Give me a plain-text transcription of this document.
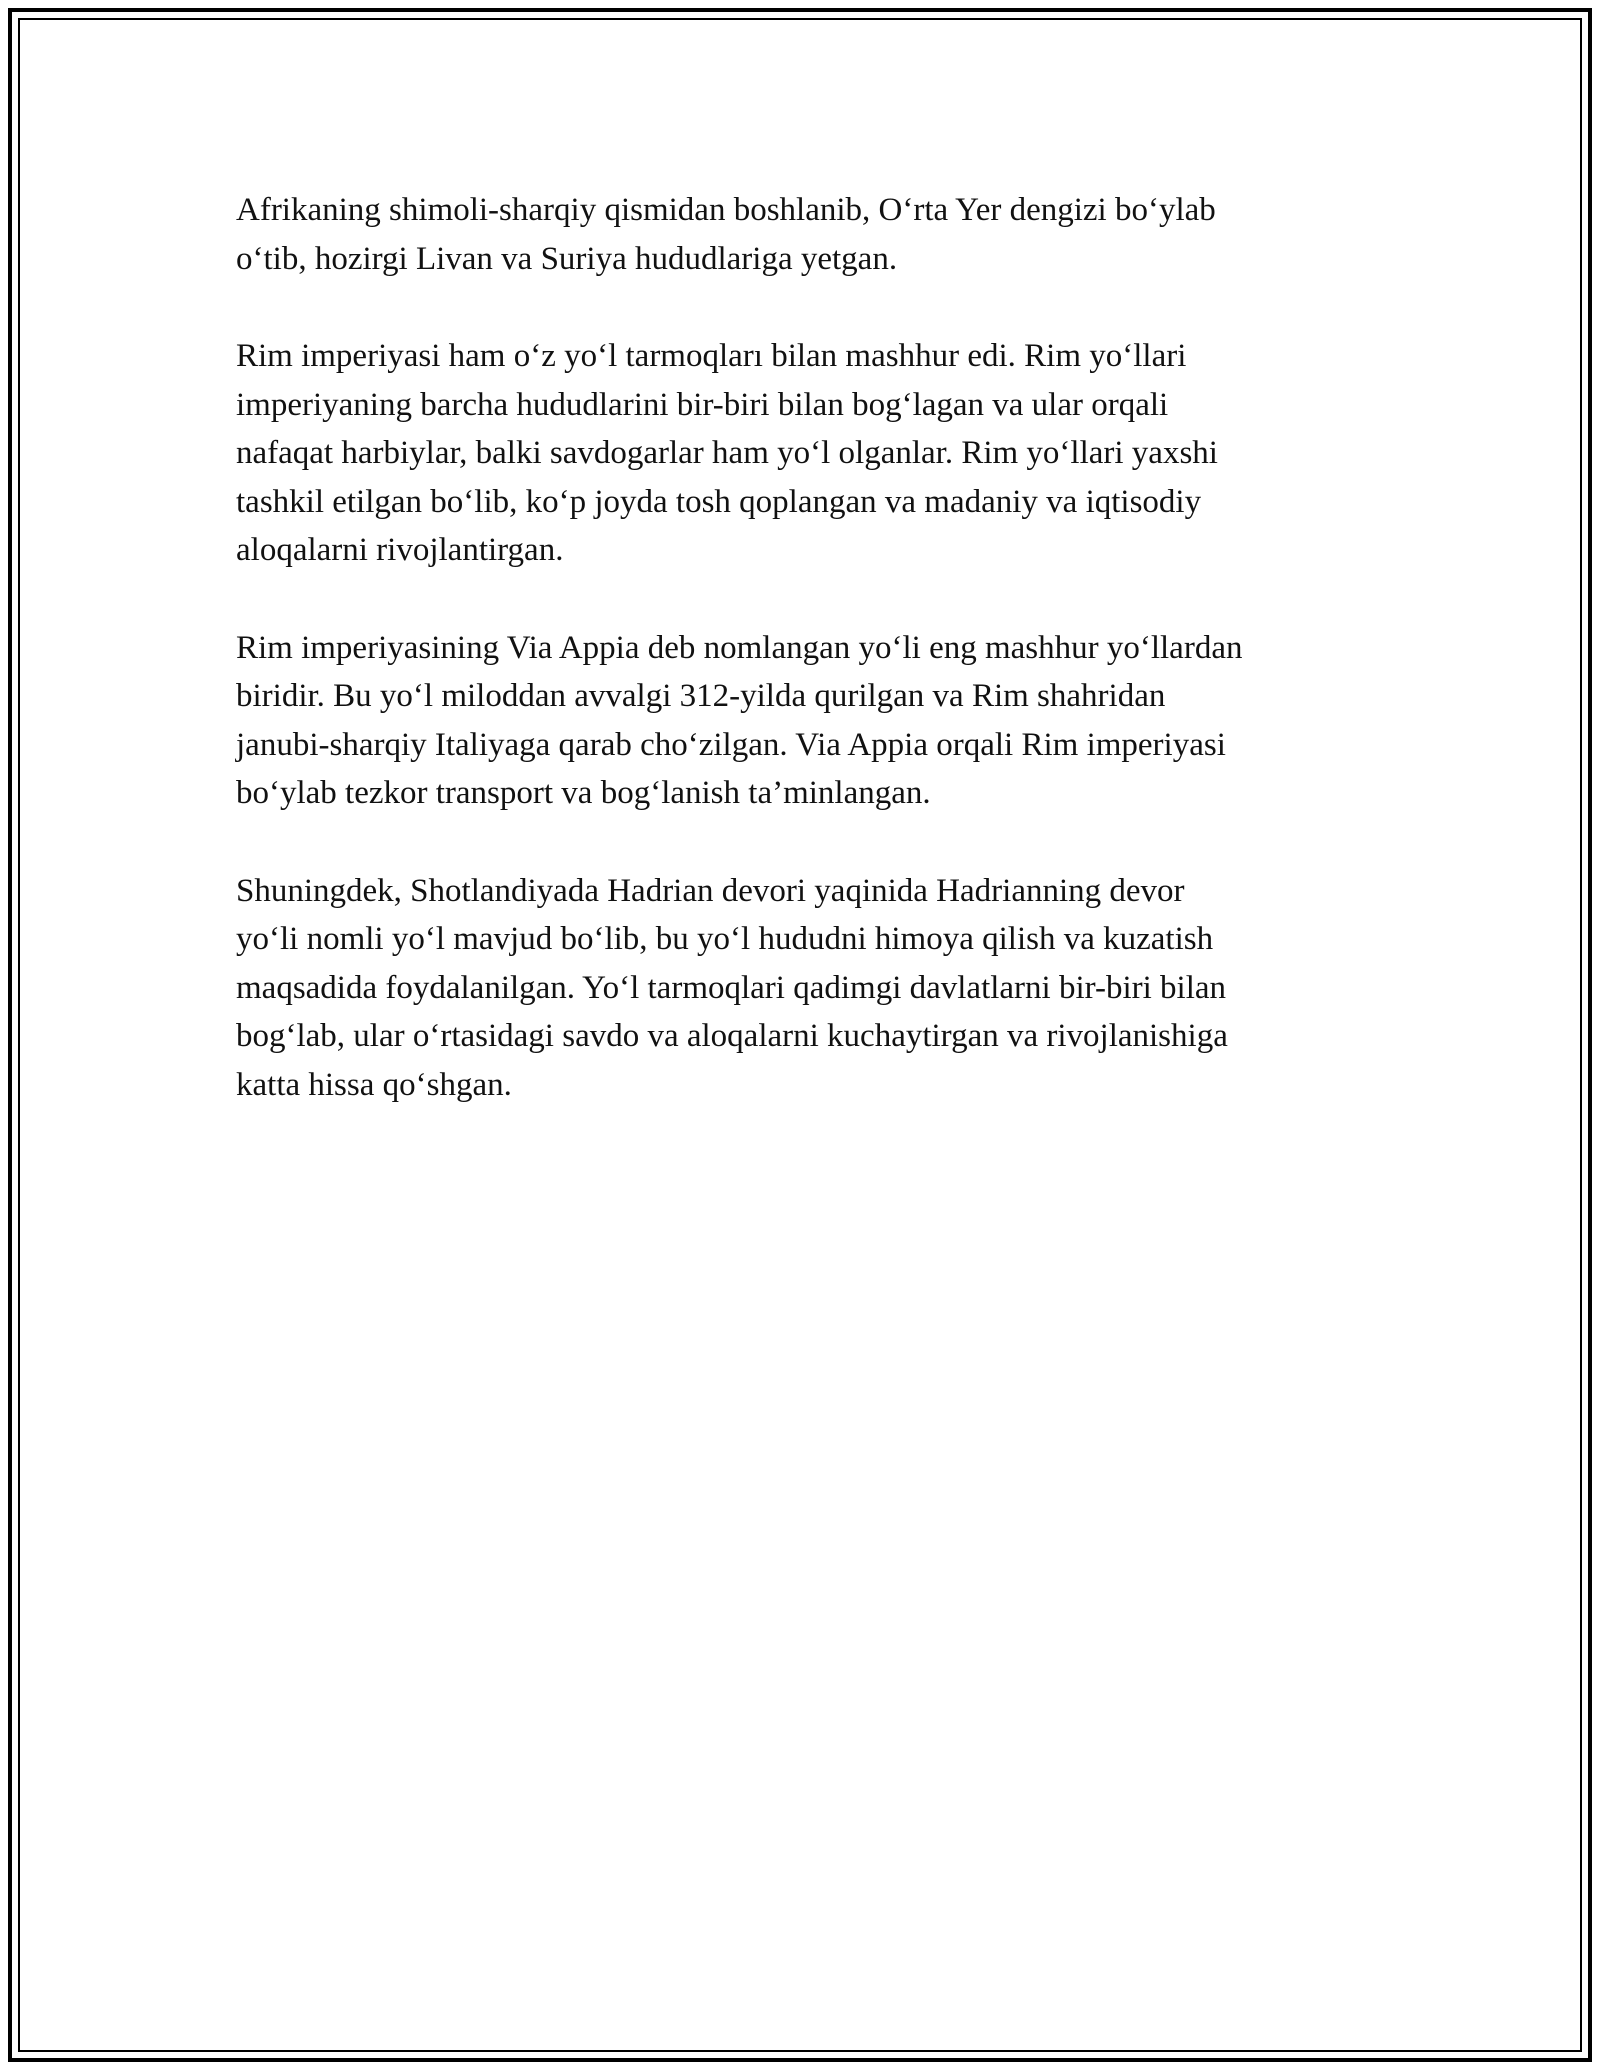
Afrikaning shimoli-sharqiy qismidan boshlanib, O‘rta Yer dengizi bo‘ylab
o‘tib, hozirgi Livan va Suriya hududlariga yetgan.

Rim imperiyasi ham o‘z yo‘l tarmoqları bilan mashhur edi. Rim yo‘llari
imperiyaning barcha hududlarini bir-biri bilan bog‘lagan va ular orqali
nafaqat harbiylar, balki savdogarlar ham yo‘l olganlar. Rim yo‘llari yaxshi
tashkil etilgan bo‘lib, ko‘p joyda tosh qoplangan va madaniy va iqtisodiy
aloqalarni rivojlantirgan.

Rim imperiyasining Via Appia deb nomlangan yo‘li eng mashhur yo‘llardan
biridir. Bu yo‘l miloddan avvalgi 312-yilda qurilgan va Rim shahridan
janubi-sharqiy Italiyaga qarab cho‘zilgan. Via Appia orqali Rim imperiyasi
bo‘ylab tezkor transport va bog‘lanish ta’minlangan.

Shuningdek, Shotlandiyada Hadrian devori yaqinida Hadrianning devor
yo‘li nomli yo‘l mavjud bo‘lib, bu yo‘l hududni himoya qilish va kuzatish
maqsadida foydalanilgan. Yo‘l tarmoqlari qadimgi davlatlarni bir-biri bilan
bog‘lab, ular o‘rtasidagi savdo va aloqalarni kuchaytirgan va rivojlanishiga
katta hissa qo‘shgan.
